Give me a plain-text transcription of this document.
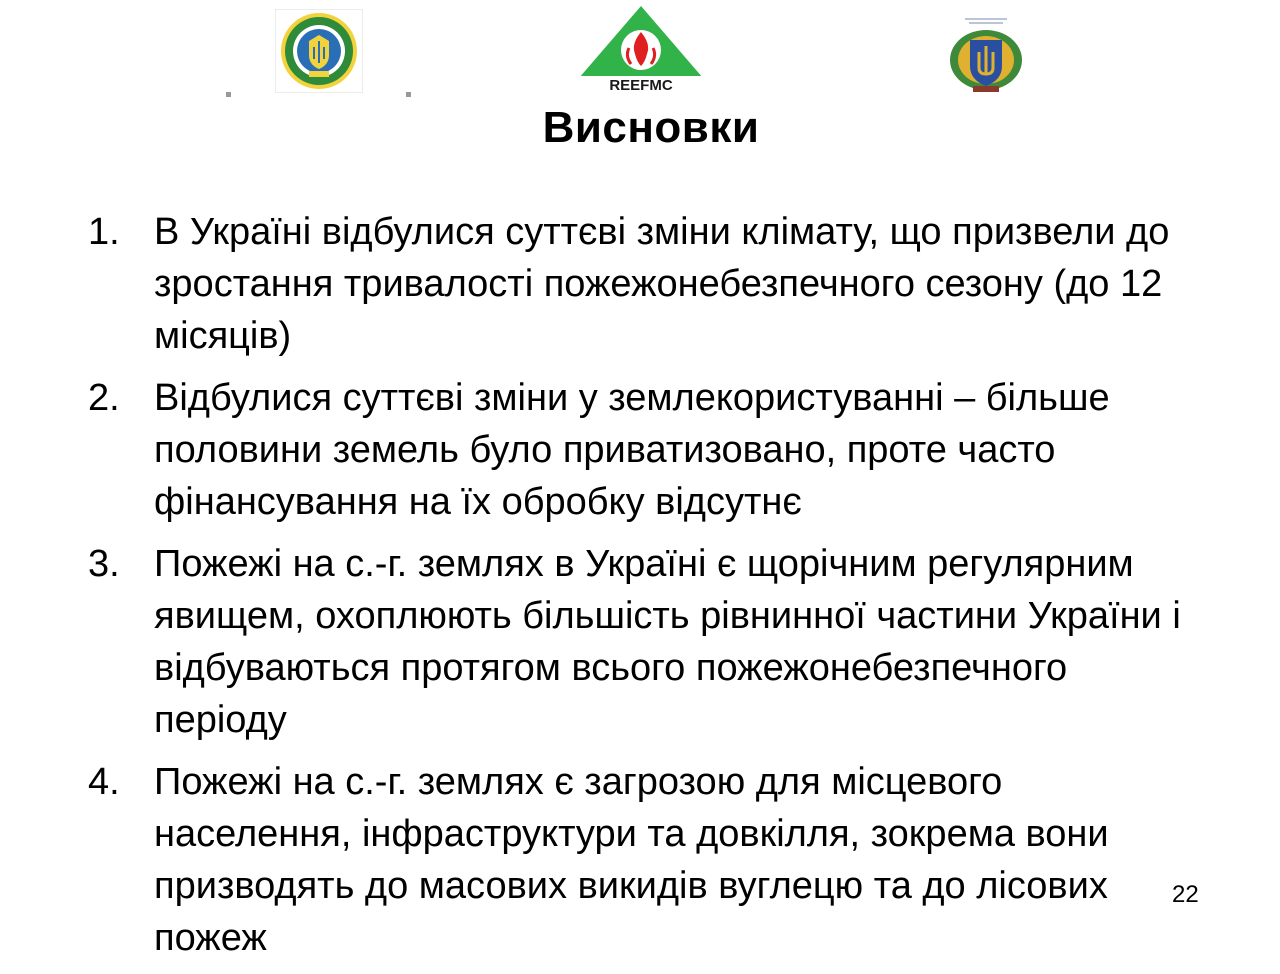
REEFMC
Висновки
1. В Україні відбулися суттєві зміни клімату, що призвели до зростання тривалості пожежонебезпечного сезону (до 12 місяців)
2. Відбулися суттєві зміни у землекористуванні – більше половини земель було приватизовано, проте часто фінансування на їх обробку відсутнє
3. Пожежі на с.-г. землях в Україні є щорічним регулярним явищем, охоплюють більшість рівнинної частини України і відбуваються протягом всього пожежонебезпечного періоду
4. Пожежі на с.-г. землях є загрозою для місцевого населення, інфраструктури та довкілля, зокрема вони призводять до масових викидів вуглецю та до лісових пожеж
22
